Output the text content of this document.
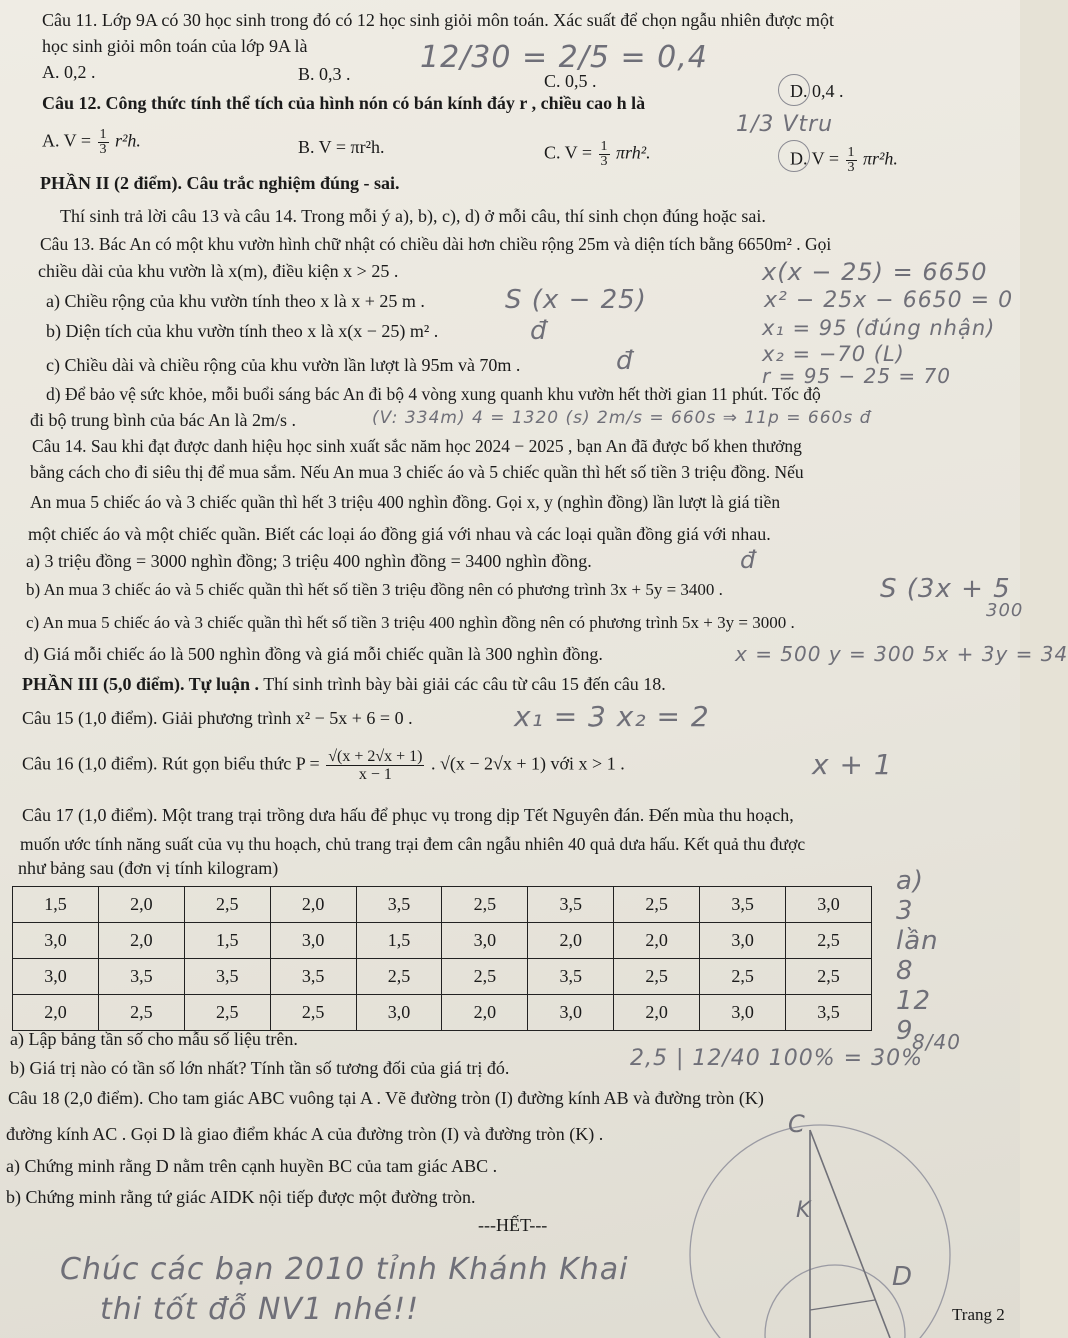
Câu 11. Lớp 9A có 30 học sinh trong đó có 12 học sinh giỏi môn toán. Xác suất để chọn ngẫu nhiên được một
học sinh giỏi môn toán của lớp 9A là
A. 0,2 .	B. 0,3 .	C. 0,5 .	D. 0,4 .
12/30 = 2/5 = 0,4
Câu 12. Công thức tính thể tích của hình nón có bán kính đáy r , chiều cao h là
A. $V = \frac{1}{3} r^2h$.	B. V = πr²h.	C. $V = \frac{1}{3} \pi rh^2$.	D. $V = \frac{1}{3} \pi r^2h$.
1/3 Vtru
PHẦN II (2 điểm). Câu trắc nghiệm đúng - sai.
Thí sinh trả lời câu 13 và câu 14. Trong mỗi ý a), b), c), d) ở mỗi câu, thí sinh chọn đúng hoặc sai.
Câu 13. Bác An có một khu vườn hình chữ nhật có chiều dài hơn chiều rộng 25m và diện tích bằng 6650m² . Gọi
chiều dài của khu vườn là x(m), điều kiện x > 25 .
a) Chiều rộng của khu vườn tính theo x là x + 25 m .
b) Diện tích của khu vườn tính theo x là x(x − 25) m² .
c) Chiều dài và chiều rộng của khu vườn lần lượt là 95m và 70m .
d) Để bảo vệ sức khỏe, mỗi buổi sáng bác An đi bộ 4 vòng xung quanh khu vườn hết thời gian 11 phút. Tốc độ
đi bộ trung bình của bác An là 2m/s .
S (x − 25)
đ
đ
x(x − 25) = 6650
x² − 25x − 6650 = 0
x₁ = 95 (đúng nhận)
x₂ = −70 (L)
r = 95 − 25 = 70
(V: 334m) 4 = 1320 (s) 2m/s = 660s ⇒ 11p = 660s đ
Câu 14. Sau khi đạt được danh hiệu học sinh xuất sắc năm học 2024 − 2025 , bạn An đã được bố khen thưởng
bằng cách cho đi siêu thị để mua sắm. Nếu An mua 3 chiếc áo và 5 chiếc quần thì hết số tiền 3 triệu đồng. Nếu
An mua 5 chiếc áo và 3 chiếc quần thì hết 3 triệu 400 nghìn đồng. Gọi x, y (nghìn đồng) lần lượt là giá tiền
một chiếc áo và một chiếc quần. Biết các loại áo đồng giá với nhau và các loại quần đồng giá với nhau.
a) 3 triệu đồng = 3000 nghìn đồng; 3 triệu 400 nghìn đồng = 3400 nghìn đồng.
b) An mua 3 chiếc áo và 5 chiếc quần thì hết số tiền 3 triệu đồng nên có phương trình 3x + 5y = 3400 .
c) An mua 5 chiếc áo và 3 chiếc quần thì hết số tiền 3 triệu 400 nghìn đồng nên có phương trình 5x + 3y = 3000 .
d) Giá mỗi chiếc áo là 500 nghìn đồng và giá mỗi chiếc quần là 300 nghìn đồng.
đ
S (3x + 5
300
x = 500 y = 300 5x + 3y = 34
PHẦN III (5,0 điểm). Tự luận . Thí sinh trình bày bài giải các câu từ câu 15 đến câu 18.
Câu 15 (1,0 điểm). Giải phương trình x² − 5x + 6 = 0 .	x₁ = 3 x₂ = 2
Câu 16 (1,0 điểm). Rút gọn biểu thức $P = \frac{√(x + 2√x + 1)}{x - 1}$ . √(x − 2√x + 1) với x > 1 .	x + 1
Câu 17 (1,0 điểm). Một trang trại trồng dưa hấu để phục vụ trong dịp Tết Nguyên đán. Đến mùa thu hoạch,
muốn ước tính năng suất của vụ thu hoạch, chủ trang trại đem cân ngẫu nhiên 40 quả dưa hấu. Kết quả thu được
như bảng sau (đơn vị tính kilogram)
1,5	2,0	2,5	2,0	3,5	2,5	3,5	2,5	3,5	3,0
3,0	2,0	1,5	3,0	1,5	3,0	2,0	2,0	3,0	2,5
3,0	3,5	3,5	3,5	2,5	2,5	3,5	2,5	2,5	2,5
2,0	2,5	2,5	2,5	3,0	2,0	3,0	2,0	3,0	3,5
a) 3 lần 8 12 9
a) Lập bảng tần số cho mẫu số liệu trên.
b) Giá trị nào có tần số lớn nhất? Tính tần số tương đối của giá trị đó.	2,5 | 12/40 100% = 30%
8/40
Câu 18 (2,0 điểm). Cho tam giác ABC vuông tại A . Vẽ đường tròn (I) đường kính AB và đường tròn (K)
đường kính AC . Gọi D là giao điểm khác A của đường tròn (I) và đường tròn (K) .
a) Chứng minh rằng D nằm trên cạnh huyền BC của tam giác ABC .
b) Chứng minh rằng tứ giác AIDK nội tiếp được một đường tròn.
---HẾT---
Chúc các bạn 2010 tỉnh Khánh Khai
thi tốt đỗ NV1 nhé!!
C
K
D
Trang 2
